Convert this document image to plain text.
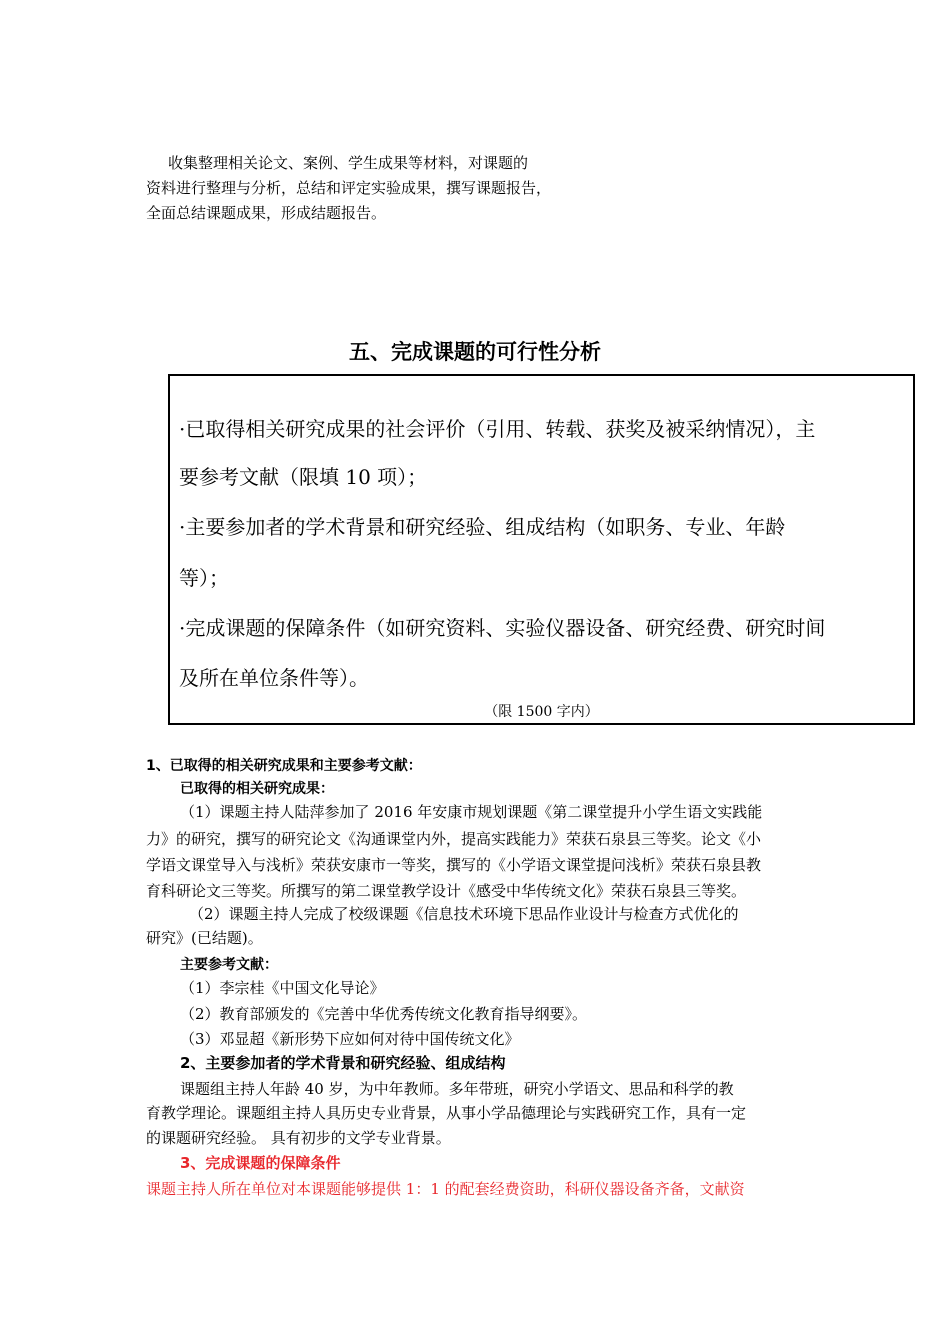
收集整理相关论文、案例、学生成果等材料，对课题的
资料进行整理与分析，总结和评定实验成果，撰写课题报告，
全面总结课题成果，形成结题报告。
五、完成课题的可行性分析
·已取得相关研究成果的社会评价（引用、转载、获奖及被采纳情况），主
要参考文献（限填 10 项）；
·主要参加者的学术背景和研究经验、组成结构（如职务、专业、年龄
等）；
·完成课题的保障条件（如研究资料、实验仪器设备、研究经费、研究时间
及所在单位条件等）。
（限 1500 字内）
1、已取得的相关研究成果和主要参考文献：
已取得的相关研究成果：
（1）课题主持人陆萍参加了 2016 年安康市规划课题《第二课堂提升小学生语文实践能
力》的研究，撰写的研究论文《沟通课堂内外，提高实践能力》荣获石泉县三等奖。论文《小
学语文课堂导入与浅析》荣获安康市一等奖，撰写的《小学语文课堂提问浅析》荣获石泉县教
育科研论文三等奖。所撰写的第二课堂教学设计《感受中华传统文化》荣获石泉县三等奖。
（2）课题主持人完成了校级课题《信息技术环境下思品作业设计与检查方式优化的
研究》(已结题)。
主要参考文献：
（1）李宗桂《中国文化导论》
（2）教育部颁发的《完善中华优秀传统文化教育指导纲要》。
（3）邓显超《新形势下应如何对待中国传统文化》
2、主要参加者的学术背景和研究经验、组成结构
课题组主持人年龄 40 岁，为中年教师。多年带班，研究小学语文、思品和科学的教
育教学理论。课题组主持人具历史专业背景，从事小学品德理论与实践研究工作，具有一定
的课题研究经验。 具有初步的文学专业背景。
3、完成课题的保障条件
课题主持人所在单位对本课题能够提供 1：1 的配套经费资助，科研仪器设备齐备，文献资
